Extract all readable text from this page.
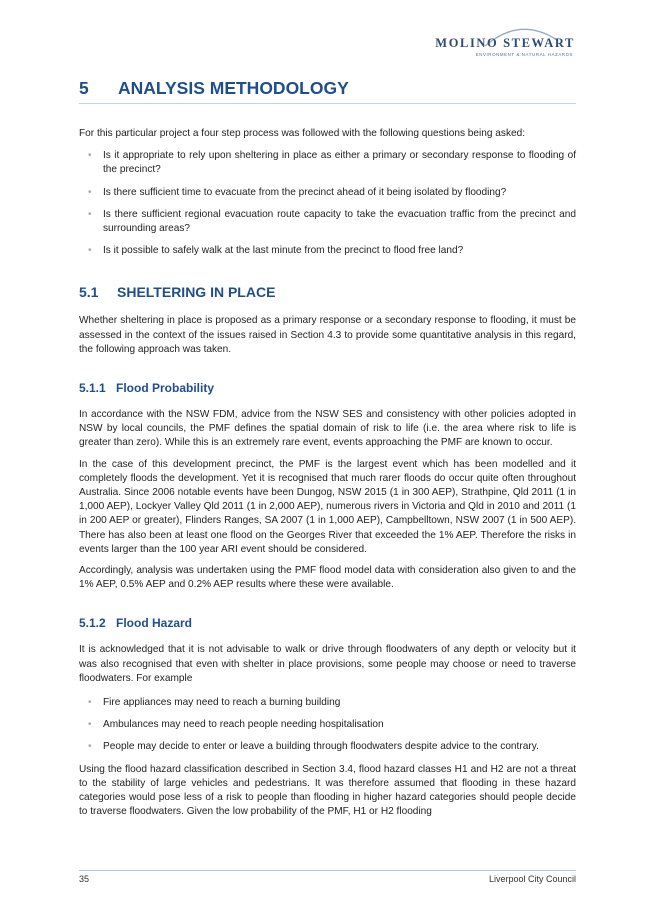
MOLINO STEWART
ENVIRONMENT & NATURAL HAZARDS
5	ANALYSIS METHODOLOGY

For this particular project a four step process was followed with the following questions being asked:

• Is it appropriate to rely upon sheltering in place as either a primary or secondary response to flooding of the precinct?
• Is there sufficient time to evacuate from the precinct ahead of it being isolated by flooding?
• Is there sufficient regional evacuation route capacity to take the evacuation traffic from the precinct and surrounding areas?
• Is it possible to safely walk at the last minute from the precinct to flood free land?
5.1	SHELTERING IN PLACE

Whether sheltering in place is proposed as a primary response or a secondary response to flooding, it must be assessed in the context of the issues raised in Section 4.3 to provide some quantitative analysis in this regard, the following approach was taken.

5.1.1 Flood Probability

In accordance with the NSW FDM, advice from the NSW SES and consistency with other policies adopted in NSW by local councils, the PMF defines the spatial domain of risk to life (i.e. the area where risk to life is greater than zero). While this is an extremely rare event, events approaching the PMF are known to occur.

In the case of this development precinct, the PMF is the largest event which has been modelled and it completely floods the development. Yet it is recognised that much rarer floods do occur quite often throughout Australia. Since 2006 notable events have been Dungog, NSW 2015 (1 in 300 AEP), Strathpine, Qld 2011 (1 in 1,000 AEP), Lockyer Valley Qld 2011 (1 in 2,000 AEP), numerous rivers in Victoria and Qld in 2010 and 2011 (1 in 200 AEP or greater), Flinders Ranges, SA 2007 (1 in 1,000 AEP), Campbelltown, NSW 2007 (1 in 500 AEP). There has also been at least one flood on the Georges River that exceeded the 1% AEP. Therefore the risks in events larger than the 100 year ARI event should be considered.

Accordingly, analysis was undertaken using the PMF flood model data with consideration also given to and the 1% AEP, 0.5% AEP and 0.2% AEP results where these were available.

5.1.2 Flood Hazard

It is acknowledged that it is not advisable to walk or drive through floodwaters of any depth or velocity but it was also recognised that even with shelter in place provisions, some people may choose or need to traverse floodwaters. For example

• Fire appliances may need to reach a burning building
• Ambulances may need to reach people needing hospitalisation
• People may decide to enter or leave a building through floodwaters despite advice to the contrary.

Using the flood hazard classification described in Section 3.4, flood hazard classes H1 and H2 are not a threat to the stability of large vehicles and pedestrians. It was therefore assumed that flooding in these hazard categories would pose less of a risk to people than flooding in higher hazard categories should people decide to traverse floodwaters. Given the low probability of the PMF, H1 or H2 flooding

35	Liverpool City Council
